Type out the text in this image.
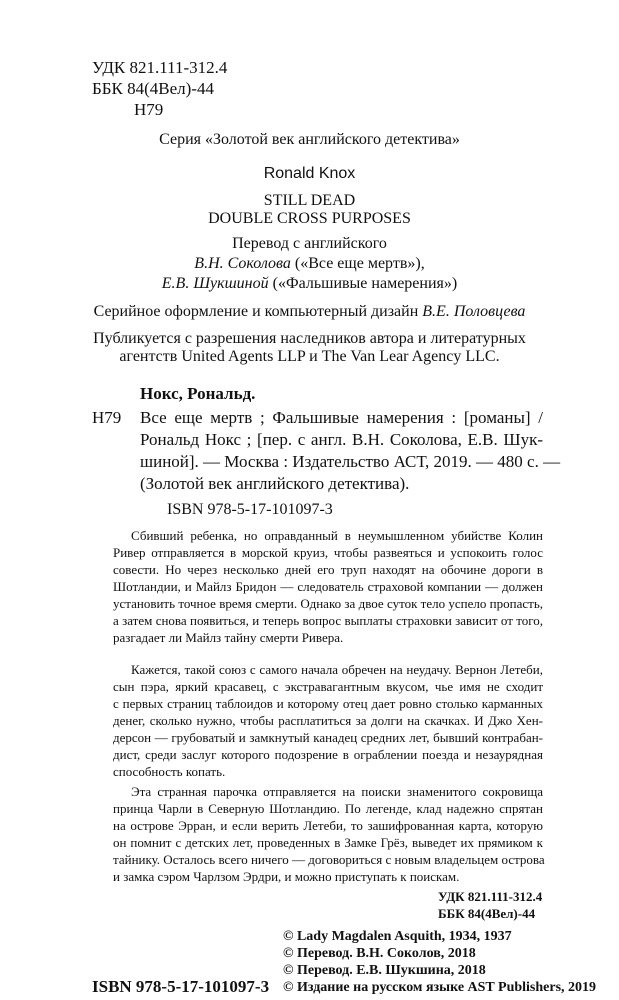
УДК 821.111-312.4
ББК 84(4Вел)-44
Н79
Серия «Золотой век английского детектива»
Ronald Knox
STILL DEAD
DOUBLE CROSS PURPOSES
Перевод с английского
В.Н. Соколова («Все еще мертв»),
Е.В. Шукшиной («Фальшивые намерения»)
Серийное оформление и компьютерный дизайн В.Е. Половцева
Публикуется с разрешения наследников автора и литературных
агентств United Agents LLP и The Van Lear Agency LLC.
Нокс, Рональд.
Н79 Все еще мертв ; Фальшивые намерения : [романы] /
Рональд Нокс ; [пер. с англ. В.Н. Соколова, Е.В. Шук-
шиной]. — Москва : Издательство АСТ, 2019. — 480 с. —
(Золотой век английского детектива).
ISBN 978-5-17-101097-3
Сбивший ребенка, но оправданный в неумышленном убийстве Колин
Ривер отправляется в морской круиз, чтобы развеяться и успокоить голос
совести. Но через несколько дней его труп находят на обочине дороги в
Шотландии, и Майлз Бридон — следователь страховой компании — должен
установить точное время смерти. Однако за двое суток тело успело пропасть,
а затем снова появиться, и теперь вопрос выплаты страховки зависит от того,
разгадает ли Майлз тайну смерти Ривера.
Кажется, такой союз с самого начала обречен на неудачу. Вернон Летеби,
сын пэра, яркий красавец, с экстравагантным вкусом, чье имя не сходит
с первых страниц таблоидов и которому отец дает ровно столько карманных
денег, сколько нужно, чтобы расплатиться за долги на скачках. И Джо Хен-
дерсон — грубоватый и замкнутый канадец средних лет, бывший контрабан-
дист, среди заслуг которого подозрение в ограблении поезда и незаурядная
способность копать.
Эта странная парочка отправляется на поиски знаменитого сокровища
принца Чарли в Северную Шотландию. По легенде, клад надежно спрятан
на острове Эрран, и если верить Летеби, то зашифрованная карта, которую
он помнит с детских лет, проведенных в Замке Грёз, выведет их прямиком к
тайнику. Осталось всего ничего — договориться с новым владельцем острова
и замка сэром Чарлзом Эрдри, и можно приступать к поискам.
УДК 821.111-312.4
ББК 84(4Вел)-44
© Lady Magdalen Asquith, 1934, 1937
© Перевод. В.Н. Соколов, 2018
© Перевод. Е.В. Шукшина, 2018
© Издание на русском языке AST Publishers, 2019
ISBN 978-5-17-101097-3
